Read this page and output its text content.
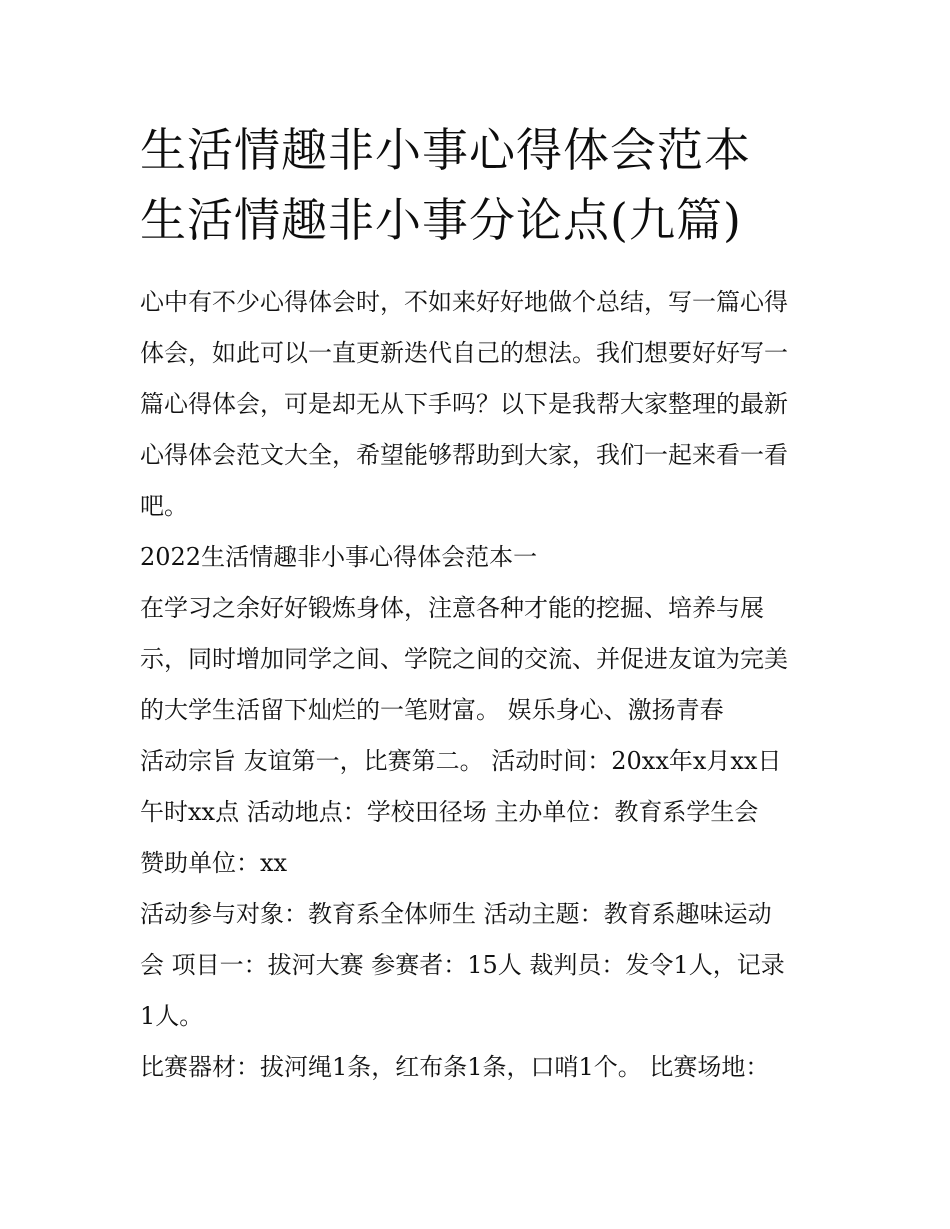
生活情趣非小事心得体会范本
生活情趣非小事分论点(九篇)

心中有不少心得体会时，不如来好好地做个总结，写一篇心得
体会，如此可以一直更新迭代自己的想法。我们想要好好写一
篇心得体会，可是却无从下手吗？以下是我帮大家整理的最新
心得体会范文大全，希望能够帮助到大家，我们一起来看一看
吧。

2022生活情趣非小事心得体会范本一

在学习之余好好锻炼身体，注意各种才能的挖掘、培养与展
示，同时增加同学之间、学院之间的交流、并促进友谊为完美
的大学生活留下灿烂的一笔财富。 娱乐身心、激扬青春

活动宗旨 友谊第一，比赛第二。 活动时间：20xx年x月xx日
午时xx点 活动地点：学校田径场 主办单位：教育系学生会
赞助单位：xx

活动参与对象：教育系全体师生 活动主题：教育系趣味运动
会 项目一：拔河大赛 参赛者：15人 裁判员：发令1人，记录
1人。

比赛器材：拔河绳1条，红布条1条，口哨1个。 比赛场地：
